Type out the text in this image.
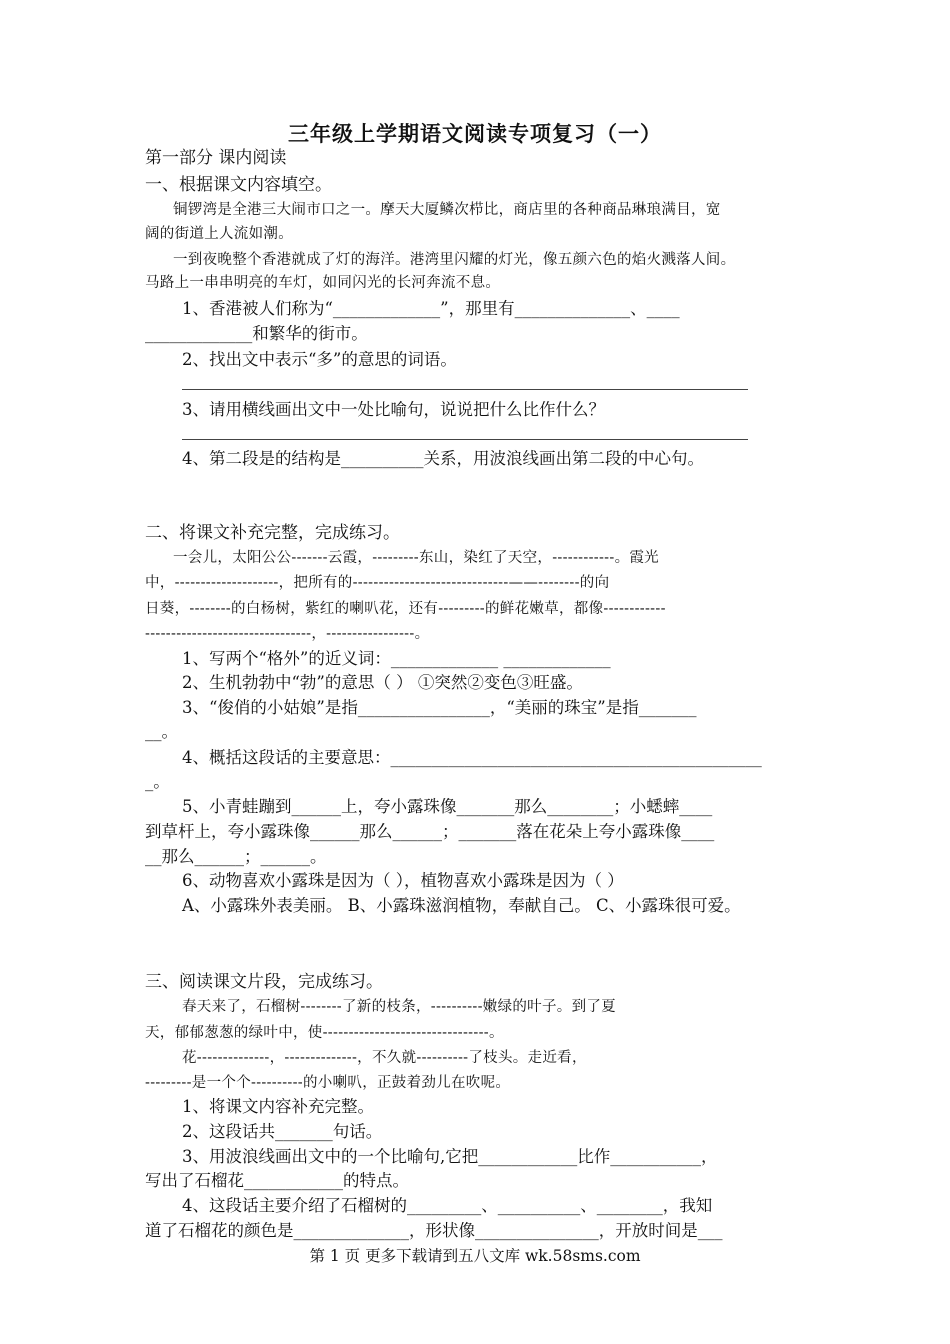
三年级上学期语文阅读专项复习（一）
第一部分 课内阅读
一、根据课文内容填空。
铜锣湾是全港三大闹市口之一。摩天大厦鳞次栉比，商店里的各种商品琳琅满目，宽
阔的街道上人流如潮。
一到夜晚整个香港就成了灯的海洋。港湾里闪耀的灯光，像五颜六色的焰火溅落人间。
马路上一串串明亮的车灯，如同闪光的长河奔流不息。
1、香港被人们称为“_____________”，那里有______________、____
_____________和繁华的街市。
2、找出文中表示“多”的意思的词语。
3、请用横线画出文中一处比喻句，说说把什么比作什么？
4、第二段是的结构是__________关系，用波浪线画出第二段的中心句。
二、将课文补充完整，完成练习。
一会儿，太阳公公-------云霞，---------东山，染红了天空，------------。霞光
中，--------------------，把所有的------------------------------——--------的向
日葵，--------的白杨树，紫红的喇叭花，还有---------的鲜花嫩草，都像------------
--------------------------------，-----------------。
1、写两个“格外”的近义词：_____________ _____________
2、生机勃勃中“勃”的意思（ ） ①突然②变色③旺盛。
3、“俊俏的小姑娘”是指________________，“美丽的珠宝”是指_______
__。
4、概括这段话的主要意思：_____________________________________________
_。
5、小青蛙蹦到______上，夸小露珠像_______那么________；小蟋蟀____
到草杆上，夸小露珠像______那么______；_______落在花朵上夸小露珠像____
__那么______；______。
6、动物喜欢小露珠是因为（ ），植物喜欢小露珠是因为（ ）
A、小露珠外表美丽。 B、小露珠滋润植物，奉献自己。 C、小露珠很可爱。
三、阅读课文片段，完成练习。
春天来了，石榴树--------了新的枝条，----------嫩绿的叶子。到了夏
天，郁郁葱葱的绿叶中，使--------------------------------。
花--------------，--------------，不久就----------了枝头。走近看，
---------是一个个----------的小喇叭，正鼓着劲儿在吹呢。
1、将课文内容补充完整。
2、这段话共_______句话。
3、用波浪线画出文中的一个比喻句,它把____________比作___________，
写出了石榴花____________的特点。
4、这段话主要介绍了石榴树的_________、__________、________，我知
道了石榴花的颜色是______________，形状像_______________，开放时间是___
第 1 页 更多下载请到五八文库 wk.58sms.com
